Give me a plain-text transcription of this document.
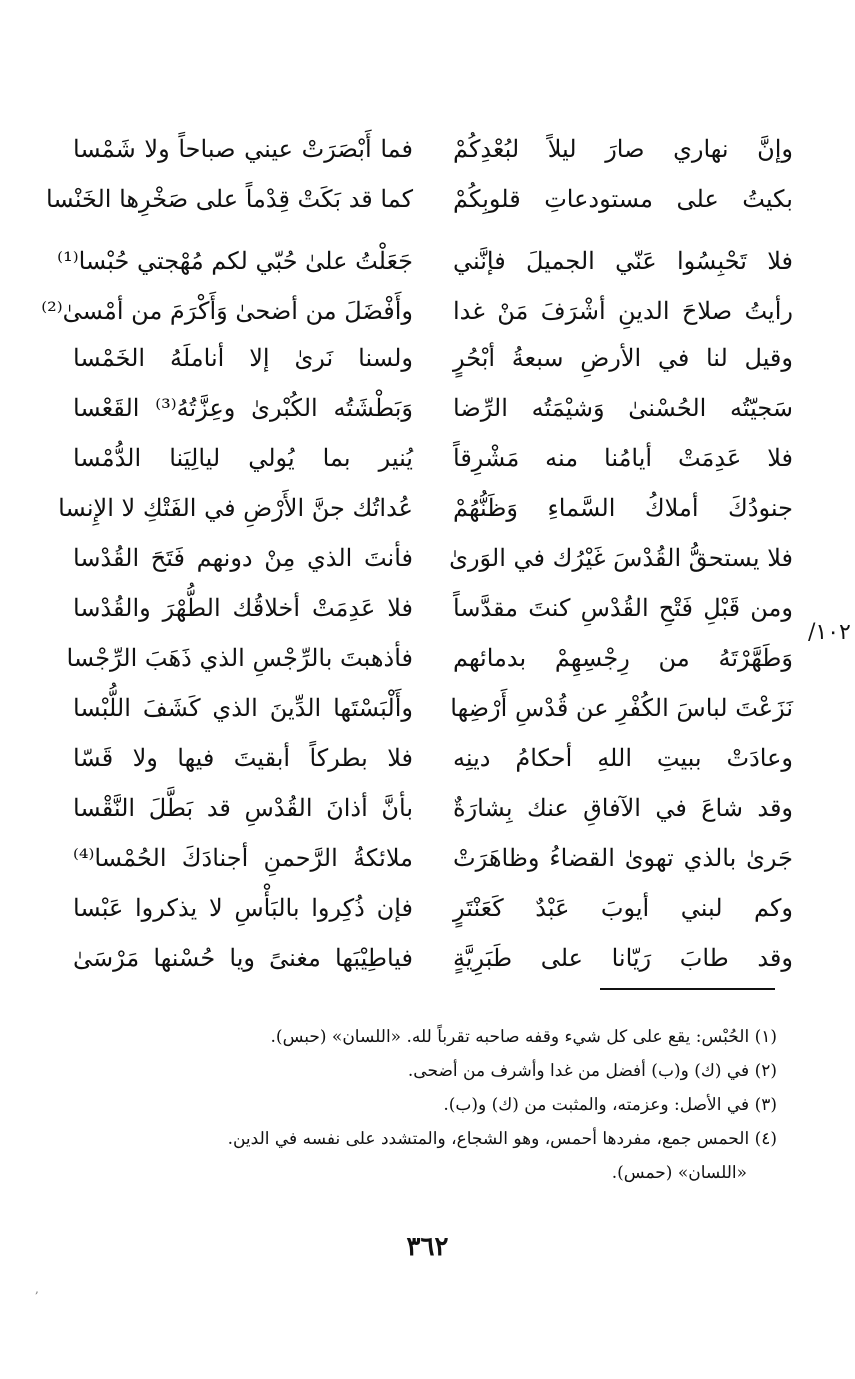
وإنَّ نهاري صارَ ليلاً لبُعْدِكُمْ
فما أَبْصَرَتْ عيني صباحاً ولا شَمْسا
بكيتُ على مستودعاتِ قلوبِكُمْ
كما قد بَكَتْ قِدْماً على صَخْرِها الخَنْسا
فلا تَحْبِسُوا عَنّي الجميلَ فإنَّني
جَعَلْتُ علىٰ حُبّي لكم مُهْجتي حُبْسا⁽¹⁾
رأيتُ صلاحَ الدينِ أشْرَفَ مَنْ غدا
وأَفْضَلَ من أضحىٰ وَأَكْرَمَ من أمْسىٰ⁽²⁾
وقيل لنا في الأرضِ سبعةُ أبْحُرٍ
ولسنا نَرىٰ إلا أناملَهُ الخَمْسا
سَجيّتُه الحُسْنىٰ وَشيْمَتُه الرِّضا
وَبَطْشَتُه الكُبْرىٰ وعِزَّتُهُ⁽³⁾ القَعْسا
فلا عَدِمَتْ أيامُنا منه مَشْرِقاً
يُنير بما يُولي ليالِيَنا الدُّمْسا
جنودُكَ أملاكُ السَّماءِ وَظَنُّهُمْ
عُداتُك جنَّ الأَرْضِ في الفَتْكِ لا الإِنسا
فلا يستحقُّ القُدْسَ غَيْرُك في الوَرىٰ
فأنتَ الذي مِنْ دونهم فَتَحَ القُدْسا
ومن قَبْلِ فَتْحِ القُدْسِ كنتَ مقدَّساً
فلا عَدِمَتْ أخلاقُك الطُّهْرَ والقُدْسا
وَطَهَّرْتَهُ من رِجْسِهِمْ بدمائهم
فأذهبتَ بالرِّجْسِ الذي ذَهَبَ الرِّجْسا
نَزَعْتَ لباسَ الكُفْرِ عن قُدْسِ أَرْضِها
وأَلْبَسْتَها الدِّينَ الذي كَشَفَ اللُّبْسا
وعادَتْ ببيتِ اللهِ أحكامُ دينِه
فلا بطركاً أبقيتَ فيها ولا قَسّا
وقد شاعَ في الآفاقِ عنك بِشارَةٌ
بأنَّ أذانَ القُدْسِ قد بَطَّلَ النَّقْسا
جَرىٰ بالذي تهوىٰ القضاءُ وظاهَرَتْ
ملائكةُ الرَّحمنِ أجنادَكَ الحُمْسا⁽⁴⁾
وكم لبني أيوبَ عَبْدٌ كَعَنْتَرٍ
فإن ذُكِروا بالبَأْسِ لا يذكروا عَبْسا
وقد طابَ رَيّانا على طَبَرِيَّةٍ
فياطِيْبَها مغنىً ويا حُسْنها مَرْسَىٰ
١٠٢/
(١) الحُبْس: يقع على كل شيء وقفه صاحبه تقرباً لله. «اللسان» (حبس).
(٢) في (ك) و(ب) أفضل من غدا وأشرف من أضحى.
(٣) في الأصل: وعزمته، والمثبت من (ك) و(ب).
(٤) الحمس جمع، مفردها أحمس، وهو الشجاع، والمتشدد على نفسه في الدين.
«اللسان» (حمس).
٣٦٢
,
